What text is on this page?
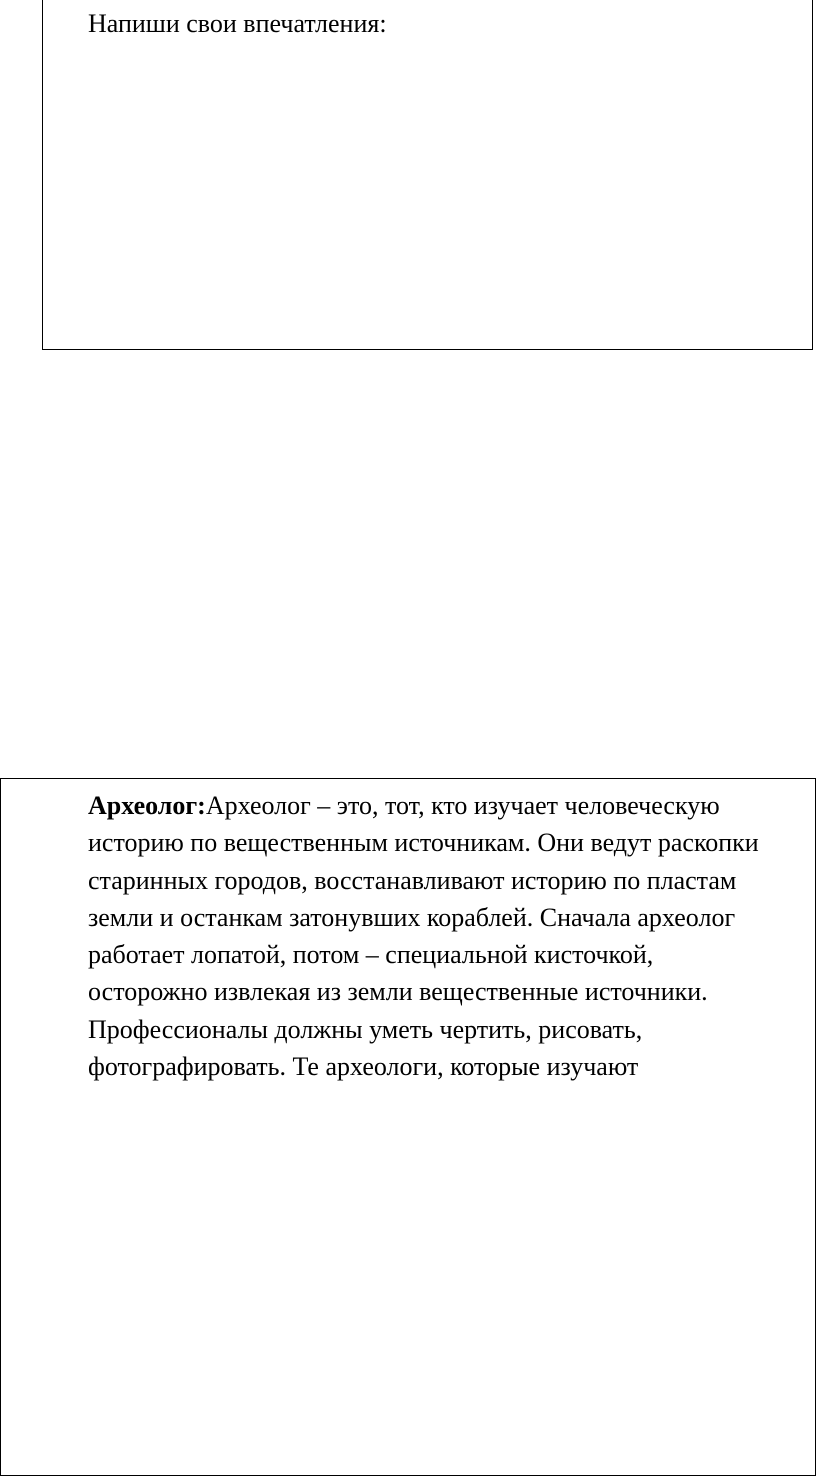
Напиши свои впечатления:
Археолог:Археолог – это, тот, кто изучает человеческую
историю по вещественным источникам. Они ведут раскопки
старинных городов, восстанавливают историю по пластам
земли и останкам затонувших кораблей. Сначала археолог
работает лопатой, потом – специальной кисточкой,
осторожно извлекая из земли вещественные источники.
Профессионалы должны уметь чертить, рисовать,
фотографировать. Те археологи, которые изучают
